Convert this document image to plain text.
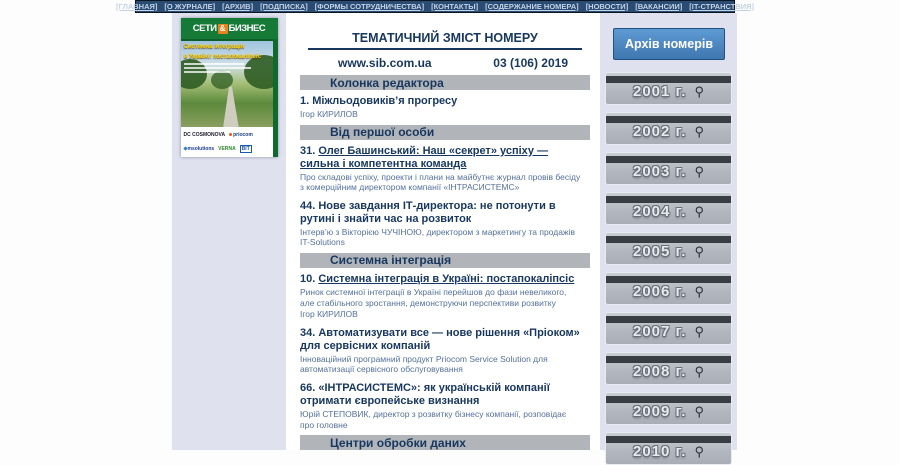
[ГЛАВНАЯ] [О ЖУРНАЛЕ] [АРХИВ] [ПОДПИСКА] [ФОРМЫ СОТРУДНИЧЕСТВА] [КОНТАКТЫ] [СОДЕРЖАНИЕ НОМЕРА] [НОВОСТИ] [ВАКАНСИИ] [IT-СТРАНСТВИЯ]
СЕТИ & БИЗНЕС
Системна інтеграція
в Україні: постапокаліпсіс
DC COSMONOVA	priocom
msolutions VERNA	BIT
ТЕМАТИЧНИЙ ЗМІСТ НОМЕРУ
www.sib.com.ua	03 (106) 2019
Колонка редактора
1. Міжльодовиків’я прогресу
Ігор КИРИЛОВ
Від першої особи
31. Олег Башинський: Наш «секрет» успіху — сильна і компетентна команда
Про складові успіху, проекти і плани на майбутнє журнал провів бесіду з комерційним директором компанії «ІНТРАСИСТЕМС»
44. Нове завдання ІТ-директора: не потонути в рутині і знайти час на розвиток
Інтерв’ю з Вікторією ЧУЧІНОЮ, директором з маркетингу та продажів IT-Solutions
Системна інтеграція
10. Системна інтеграція в Україні: постапокаліпсіс
Ринок системної інтеграції в Україні перейшов до фази невеликого, але стабільного зростання, демонструючи перспективи розвитку
Ігор КИРИЛОВ
34. Автоматизувати все — нове рішення «Пріоком» для сервісних компаній
Інноваційний програмний продукт Priocom Service Solution для автоматизації сервісного обслуговування
66. «ІНТРАСИСТЕМС»: як українській компанії отримати європейське визнання
Юрій СТЕПОВИК, директор з розвитку бізнесу компанії, розповідає про головне
Центри обробки даних
Архів номерів
2001 г. ⚲
2002 г. ⚲
2003 г. ⚲
2004 г. ⚲
2005 г. ⚲
2006 г. ⚲
2007 г. ⚲
2008 г. ⚲
2009 г. ⚲
2010 г. ⚲
